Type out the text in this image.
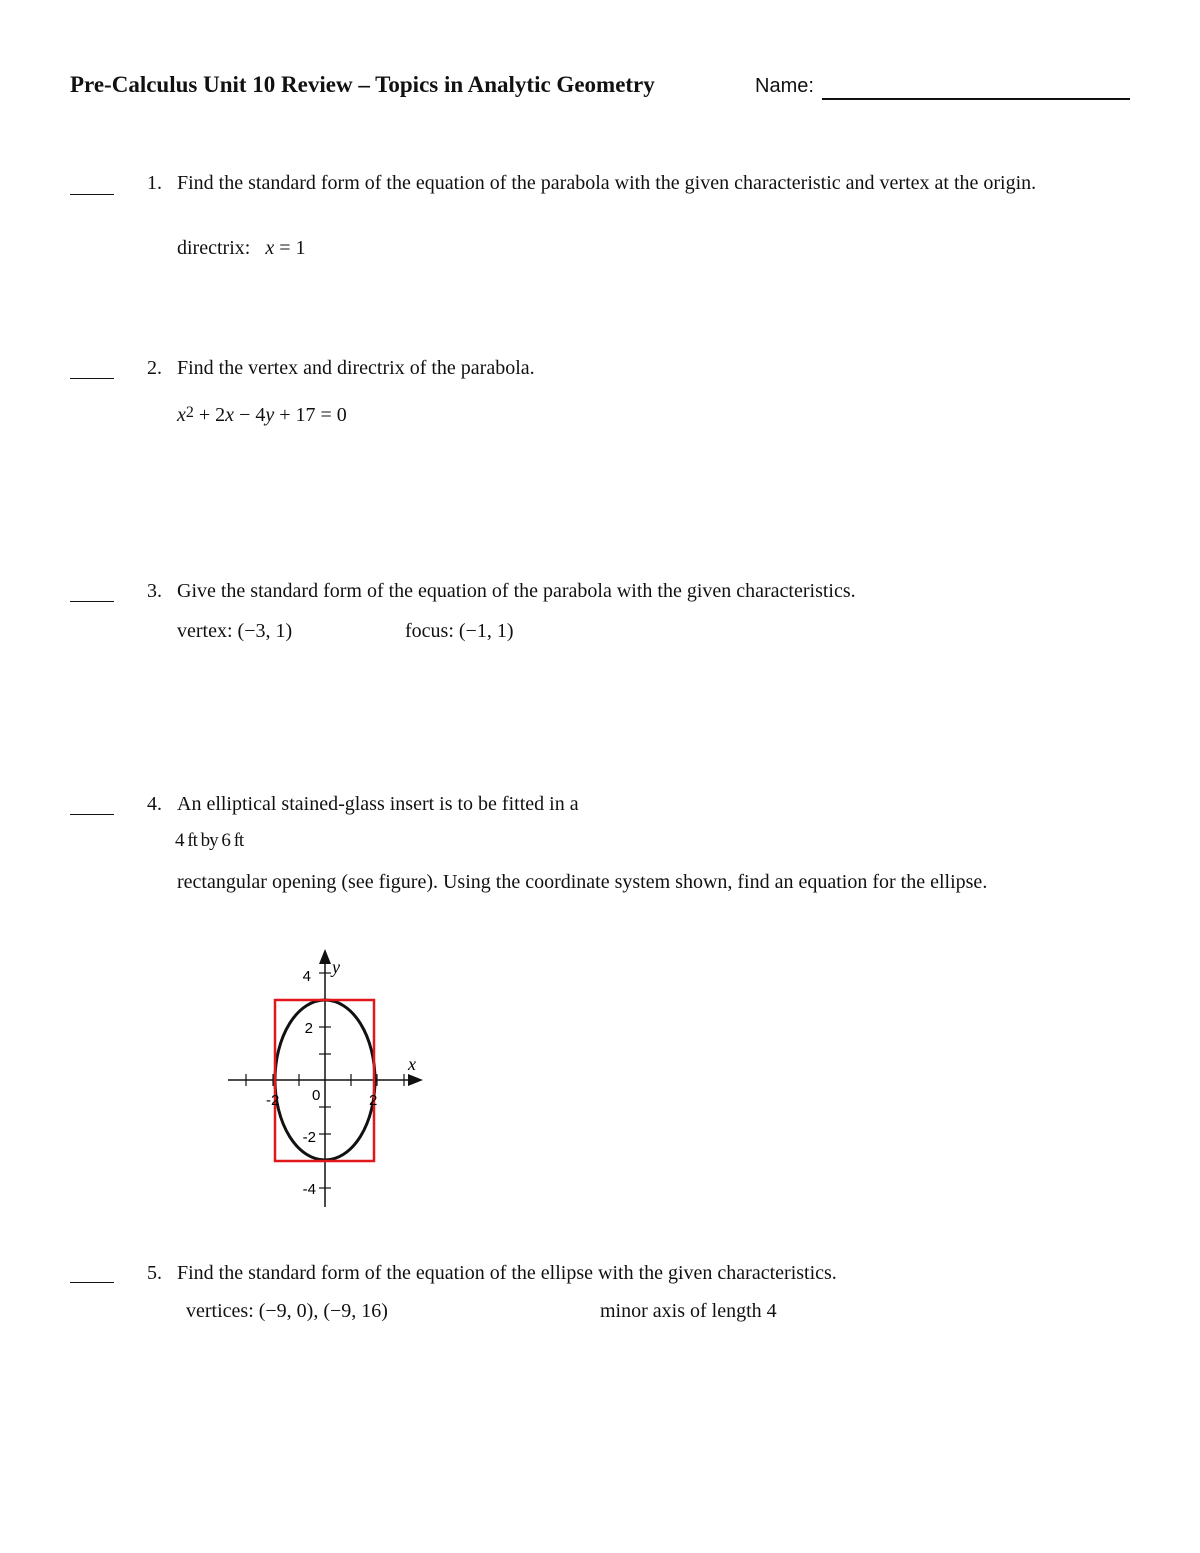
Pre-Calculus Unit 10 Review – Topics in Analytic Geometry	Name:
1. Find the standard form of the equation of the parabola with the given characteristic and vertex at the origin.
directrix: x = 1
2. Find the vertex and directrix of the parabola.
$x^2 + 2x - 4y + 17 = 0$
3. Give the standard form of the equation of the parabola with the given characteristics.
vertex: (−3, 1)	focus: (−1, 1)
4. An elliptical stained-glass insert is to be fitted in a
4 ft by 6 ft
rectangular opening (see figure). Using the coordinate system shown, find an equation for the ellipse.
4
2
0
-2
-4
-2	2
x
y
5. Find the standard form of the equation of the ellipse with the given characteristics.
vertices: (−9, 0), (−9, 16)	minor axis of length 4
